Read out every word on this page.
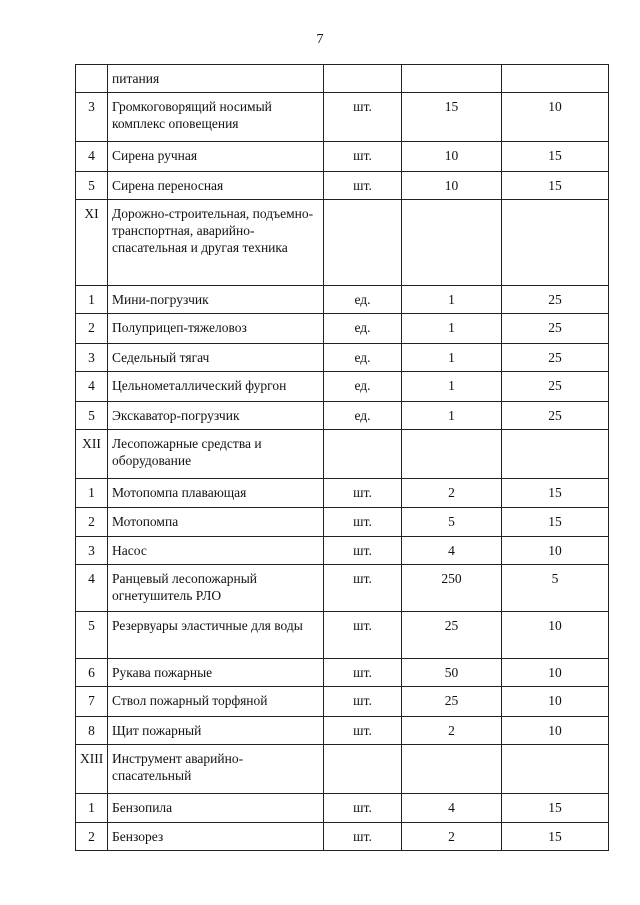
7
	питания			
3	Громкоговорящий носимый комплекс оповещения	шт.	15	10
4	Сирена ручная	шт.	10	15
5	Сирена переносная	шт.	10	15
XI	Дорожно-строительная, подъемно-транспортная, аварийно-спасательная и другая техника			
1	Мини-погрузчик	ед.	1	25
2	Полуприцеп-тяжеловоз	ед.	1	25
3	Седельный тягач	ед.	1	25
4	Цельнометаллический фургон	ед.	1	25
5	Экскаватор-погрузчик	ед.	1	25
XII	Лесопожарные средства и оборудование			
1	Мотопомпа плавающая	шт.	2	15
2	Мотопомпа	шт.	5	15
3	Насос	шт.	4	10
4	Ранцевый лесопожарный огнетушитель РЛО	шт.	250	5
5	Резервуары эластичные для воды	шт.	25	10
6	Рукава пожарные	шт.	50	10
7	Ствол пожарный торфяной	шт.	25	10
8	Щит пожарный	шт.	2	10
XIII	Инструмент аварийно-спасательный			
1	Бензопила	шт.	4	15
2	Бензорез	шт.	2	15
